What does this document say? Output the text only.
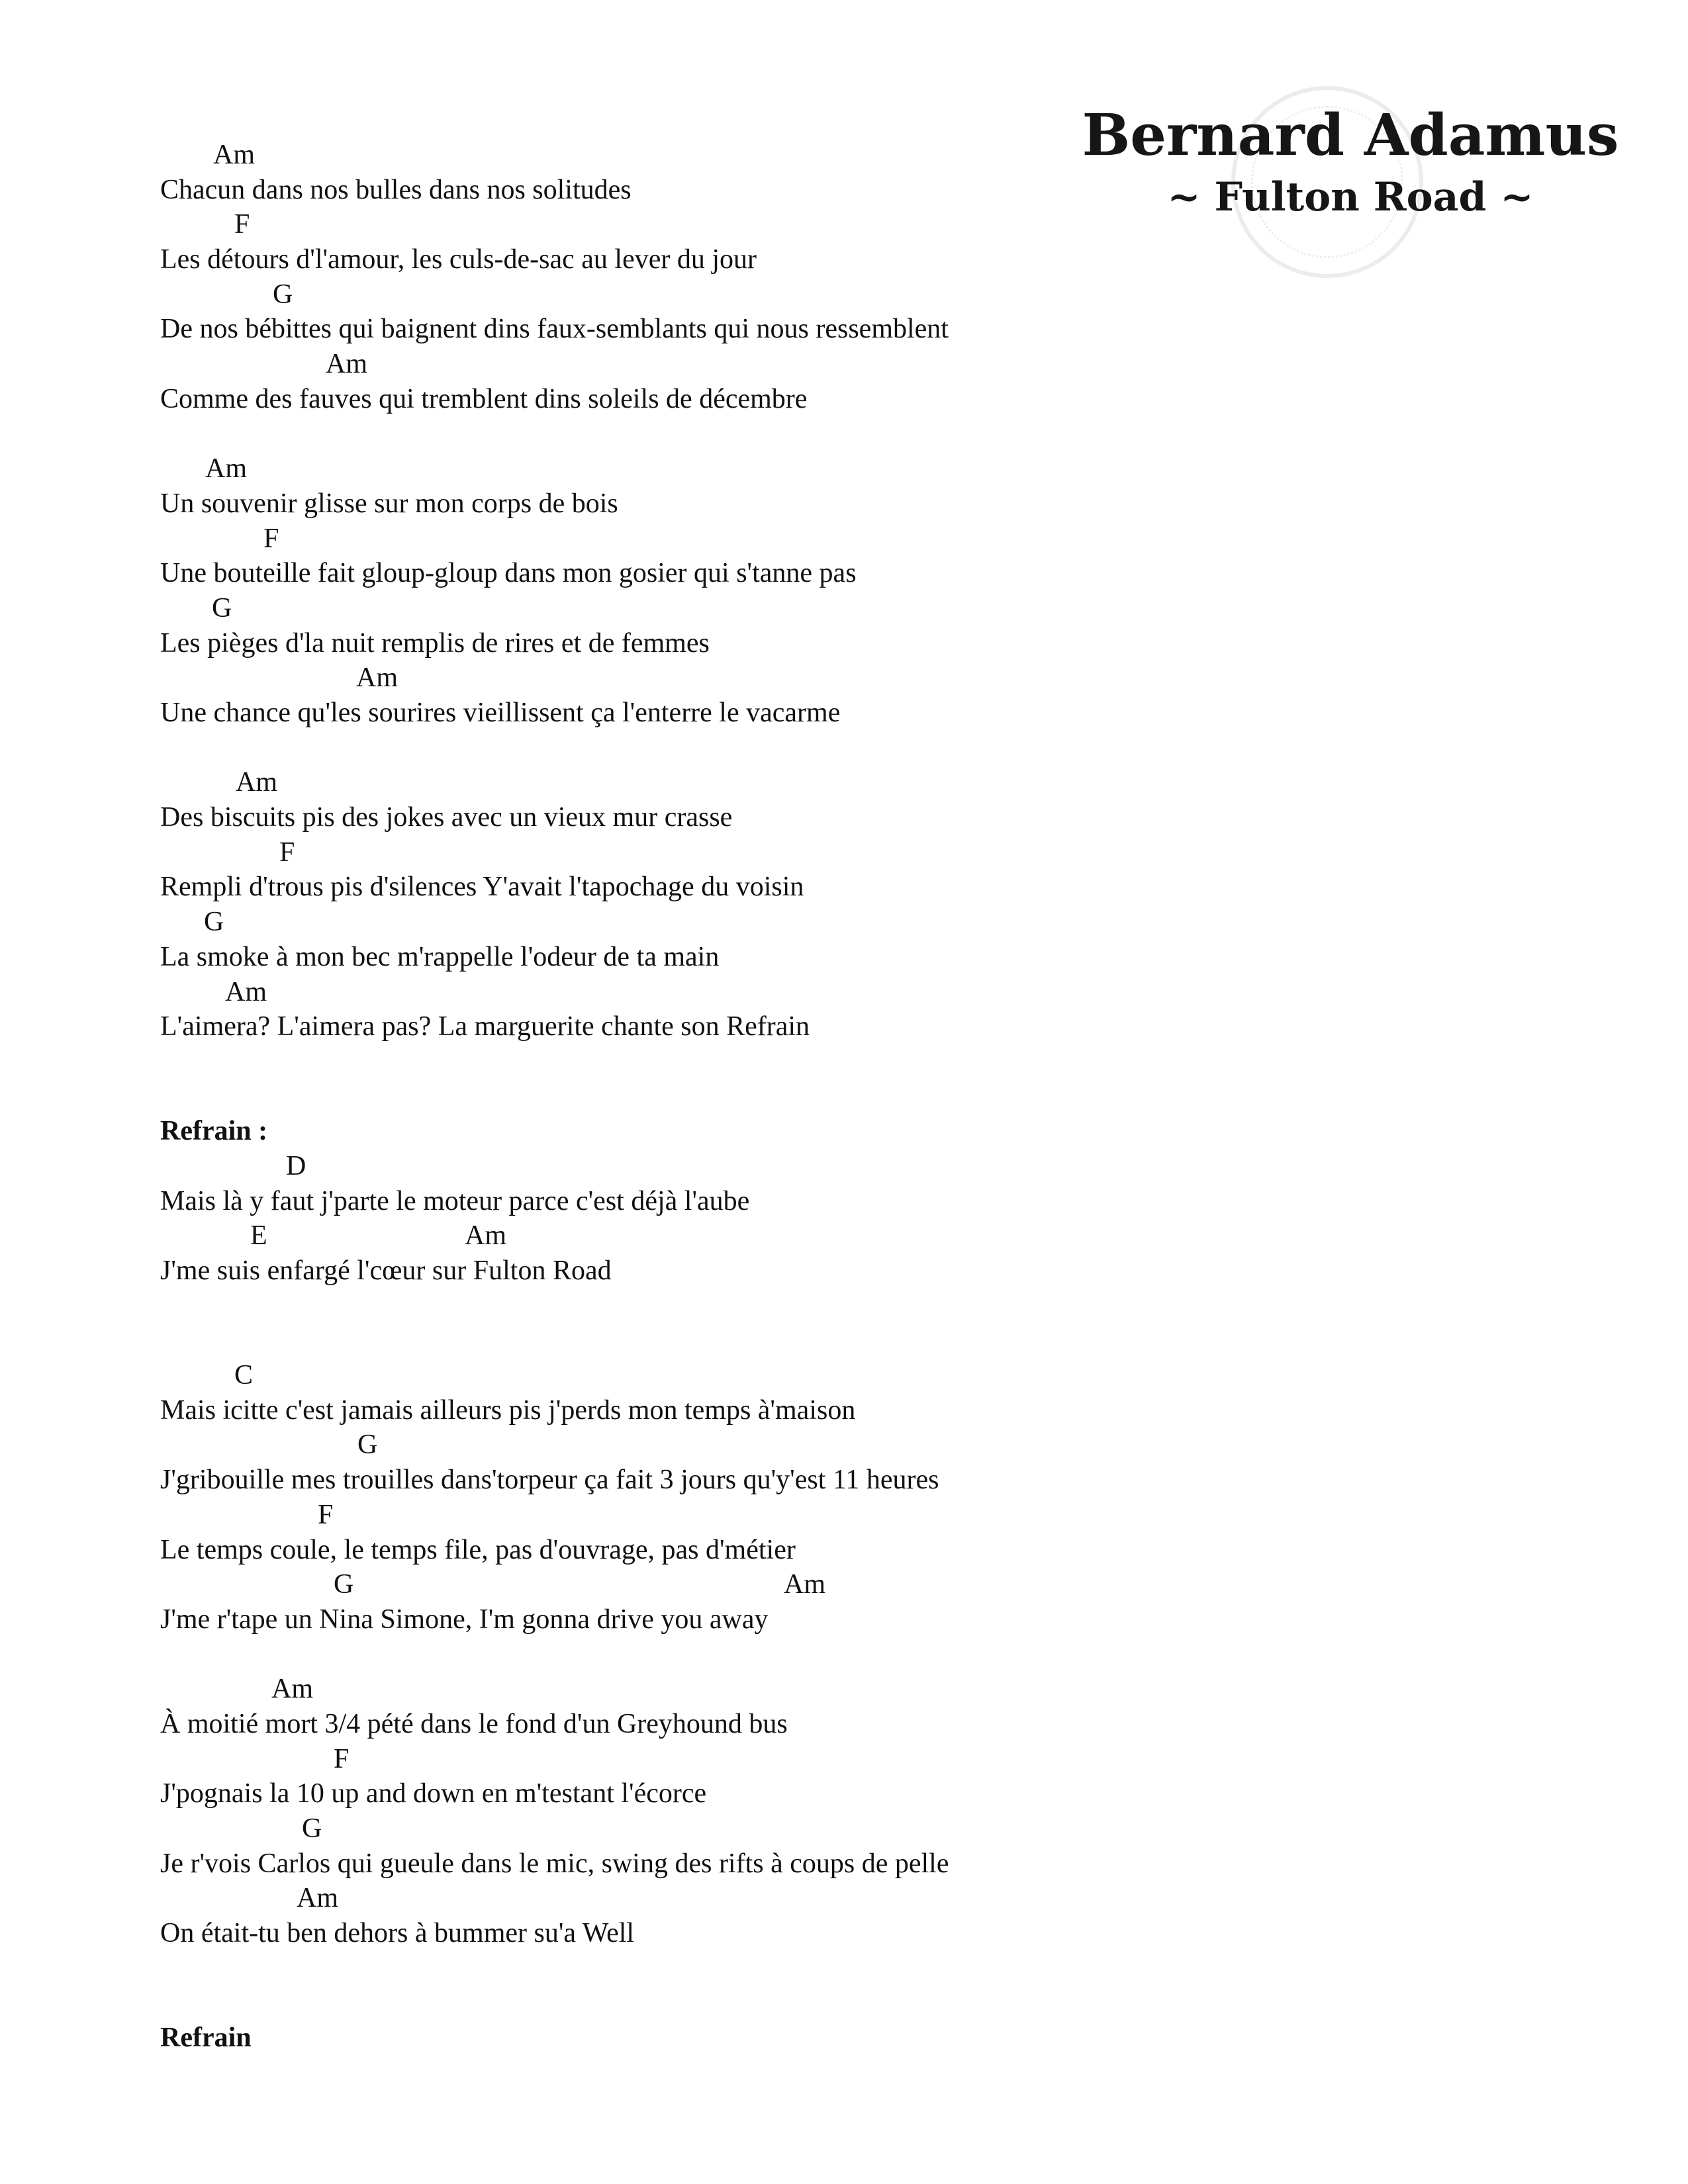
Bernard Adamus
~ Fulton Road ~
Am
Chacun dans nos bulles dans nos solitudes
F
Les détours d'l'amour, les culs-de-sac au lever du jour
G
De nos bébittes qui baignent dins faux-semblants qui nous ressemblent
Am
Comme des fauves qui tremblent dins soleils de décembre
Am
Un souvenir glisse sur mon corps de bois
F
Une bouteille fait gloup-gloup dans mon gosier qui s'tanne pas
G
Les pièges d'la nuit remplis de rires et de femmes
Am
Une chance qu'les sourires vieillissent ça l'enterre le vacarme
Am
Des biscuits pis des jokes avec un vieux mur crasse
F
Rempli d'trous pis d'silences Y'avait l'tapochage du voisin
G
La smoke à mon bec m'rappelle l'odeur de ta main
Am
L'aimera? L'aimera pas? La marguerite chante son Refrain
Refrain :
D
Mais là y faut j'parte le moteur parce c'est déjà l'aube
E	Am
J'me suis enfargé l'cœur sur Fulton Road
C
Mais icitte c'est jamais ailleurs pis j'perds mon temps à'maison
G
J'gribouille mes trouilles dans'torpeur ça fait 3 jours qu'y'est 11 heures
F
Le temps coule, le temps file, pas d'ouvrage, pas d'métier
G	Am
J'me r'tape un Nina Simone, I'm gonna drive you away
Am
À moitié mort 3/4 pété dans le fond d'un Greyhound bus
F
J'pognais la 10 up and down en m'testant l'écorce
G
Je r'vois Carlos qui gueule dans le mic, swing des rifts à coups de pelle
Am
On était-tu ben dehors à bummer su'a Well
Refrain
